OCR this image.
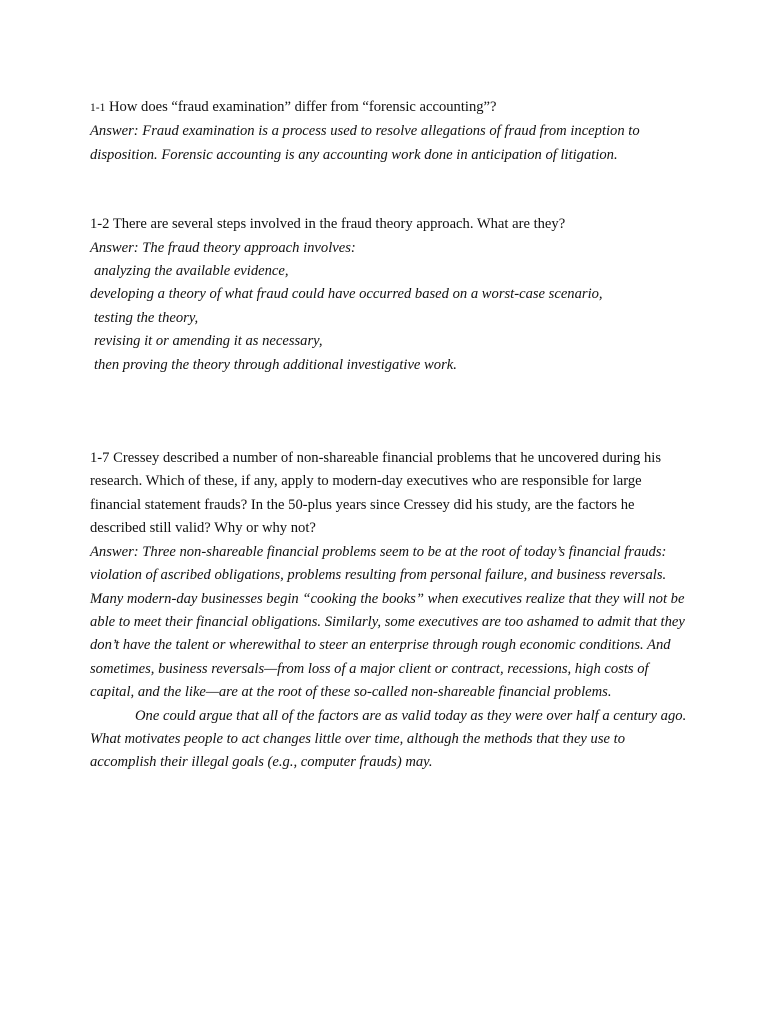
1-1 How does “fraud examination” differ from “forensic accounting”?

Answer: Fraud examination is a process used to resolve allegations of fraud from inception to disposition. Forensic accounting is any accounting work done in anticipation of litigation.

1-2 There are several steps involved in the fraud theory approach. What are they?

Answer: The fraud theory approach involves:

analyzing the available evidence,

developing a theory of what fraud could have occurred based on a worst-case scenario,

testing the theory,

revising it or amending it as necessary,

then proving the theory through additional investigative work.

1-7 Cressey described a number of non-shareable financial problems that he uncovered during his research. Which of these, if any, apply to modern-day executives who are responsible for large financial statement frauds? In the 50-plus years since Cressey did his study, are the factors he described still valid? Why or why not?

Answer: Three non-shareable financial problems seem to be at the root of today’s financial frauds: violation of ascribed obligations, problems resulting from personal failure, and business reversals. Many modern-day businesses begin “cooking the books” when executives realize that they will not be able to meet their financial obligations. Similarly, some executives are too ashamed to admit that they don’t have the talent or wherewithal to steer an enterprise through rough economic conditions. And sometimes, business reversals—from loss of a major client or contract, recessions, high costs of capital, and the like—are at the root of these so-called non-shareable financial problems.

One could argue that all of the factors are as valid today as they were over half a century ago. What motivates people to act changes little over time, although the methods that they use to accomplish their illegal goals (e.g., computer frauds) may.
